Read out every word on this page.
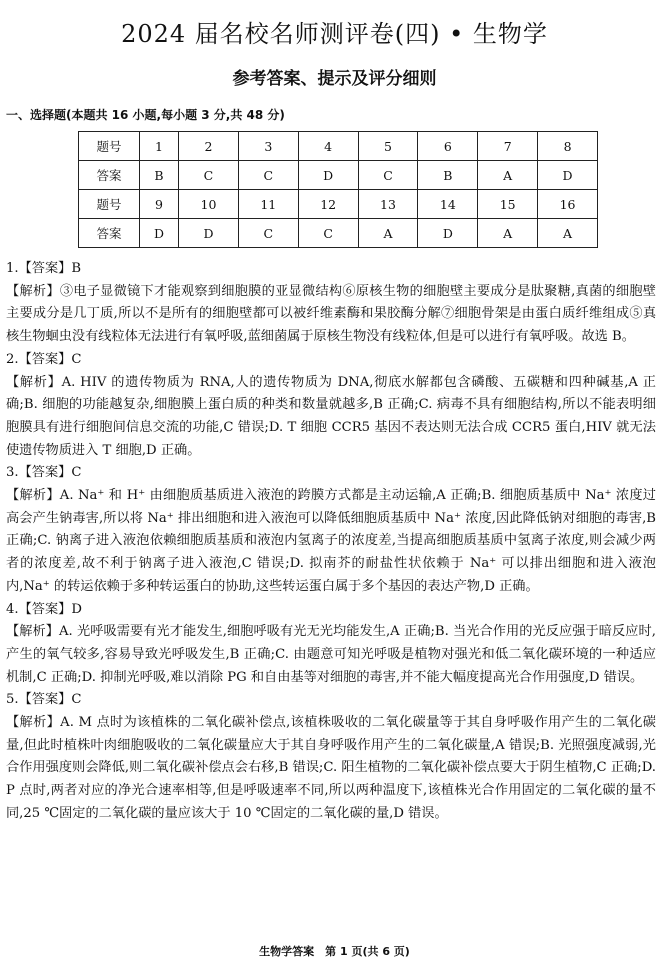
2024 届名校名师测评卷(四) • 生物学
参考答案、提示及评分细则
一、选择题(本题共 16 小题,每小题 3 分,共 48 分)
题号	1	2	3	4	5	6	7	8
答案	B	C	C	D	C	B	A	D
题号	9	10	11	12	13	14	15	16
答案	D	D	C	C	A	D	A	A

1.【答案】B

【解析】③电子显微镜下才能观察到细胞膜的亚显微结构⑥原核生物的细胞壁主要成分是肽聚糖,真菌的细胞壁主要成分是几丁质,所以不是所有的细胞壁都可以被纤维素酶和果胶酶分解⑦细胞骨架是由蛋白质纤维组成⑤真核生物蛔虫没有线粒体无法进行有氧呼吸,蓝细菌属于原核生物没有线粒体,但是可以进行有氧呼吸。故选 B。

2.【答案】C

【解析】A. HIV 的遗传物质为 RNA,人的遗传物质为 DNA,彻底水解都包含磷酸、五碳糖和四种碱基,A 正确;B. 细胞的功能越复杂,细胞膜上蛋白质的种类和数量就越多,B 正确;C. 病毒不具有细胞结构,所以不能表明细胞膜具有进行细胞间信息交流的功能,C 错误;D. T 细胞 CCR5 基因不表达则无法合成 CCR5 蛋白,HIV 就无法使遗传物质进入 T 细胞,D 正确。

3.【答案】C

【解析】A. Na⁺ 和 H⁺ 由细胞质基质进入液泡的跨膜方式都是主动运输,A 正确;B. 细胞质基质中 Na⁺ 浓度过高会产生钠毒害,所以将 Na⁺ 排出细胞和进入液泡可以降低细胞质基质中 Na⁺ 浓度,因此降低钠对细胞的毒害,B 正确;C. 钠离子进入液泡依赖细胞质基质和液泡内氢离子的浓度差,当提高细胞质基质中氢离子浓度,则会减少两者的浓度差,故不利于钠离子进入液泡,C 错误;D. 拟南芥的耐盐性状依赖于 Na⁺ 可以排出细胞和进入液泡内,Na⁺ 的转运依赖于多种转运蛋白的协助,这些转运蛋白属于多个基因的表达产物,D 正确。

4.【答案】D

【解析】A. 光呼吸需要有光才能发生,细胞呼吸有光无光均能发生,A 正确;B. 当光合作用的光反应强于暗反应时,产生的氧气较多,容易导致光呼吸发生,B 正确;C. 由题意可知光呼吸是植物对强光和低二氧化碳环境的一种适应机制,C 正确;D. 抑制光呼吸,难以消除 PG 和自由基等对细胞的毒害,并不能大幅度提高光合作用强度,D 错误。

5.【答案】C

【解析】A. M 点时为该植株的二氧化碳补偿点,该植株吸收的二氧化碳量等于其自身呼吸作用产生的二氧化碳量,但此时植株叶肉细胞吸收的二氧化碳量应大于其自身呼吸作用产生的二氧化碳量,A 错误;B. 光照强度减弱,光合作用强度则会降低,则二氧化碳补偿点会右移,B 错误;C. 阳生植物的二氧化碳补偿点要大于阴生植物,C 正确;D. P 点时,两者对应的净光合速率相等,但是呼吸速率不同,所以两种温度下,该植株光合作用固定的二氧化碳的量不同,25 ℃固定的二氧化碳的量应该大于 10 ℃固定的二氧化碳的量,D 错误。

生物学答案　第 1 页(共 6 页)
